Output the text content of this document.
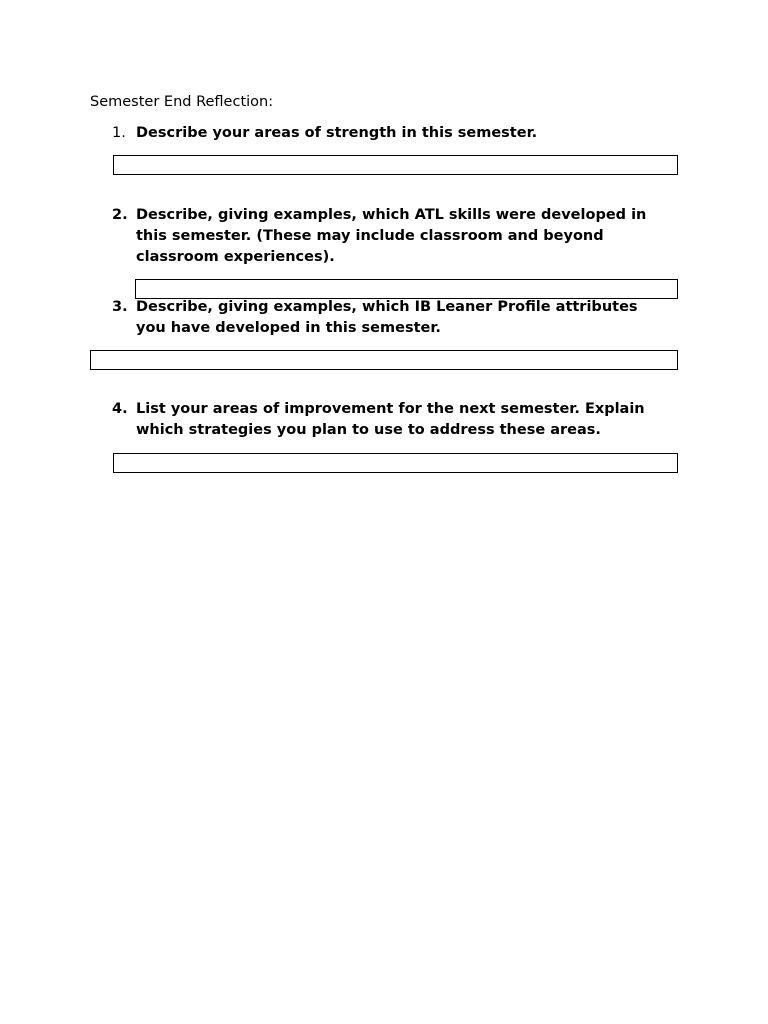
Semester End Reflection:
1. Describe your areas of strength in this semester.
2. Describe, giving examples, which ATL skills were developed in this semester. (These may include classroom and beyond classroom experiences).
3. Describe, giving examples, which IB Leaner Profile attributes you have developed in this semester.
4. List your areas of improvement for the next semester. Explain which strategies you plan to use to address these areas.
